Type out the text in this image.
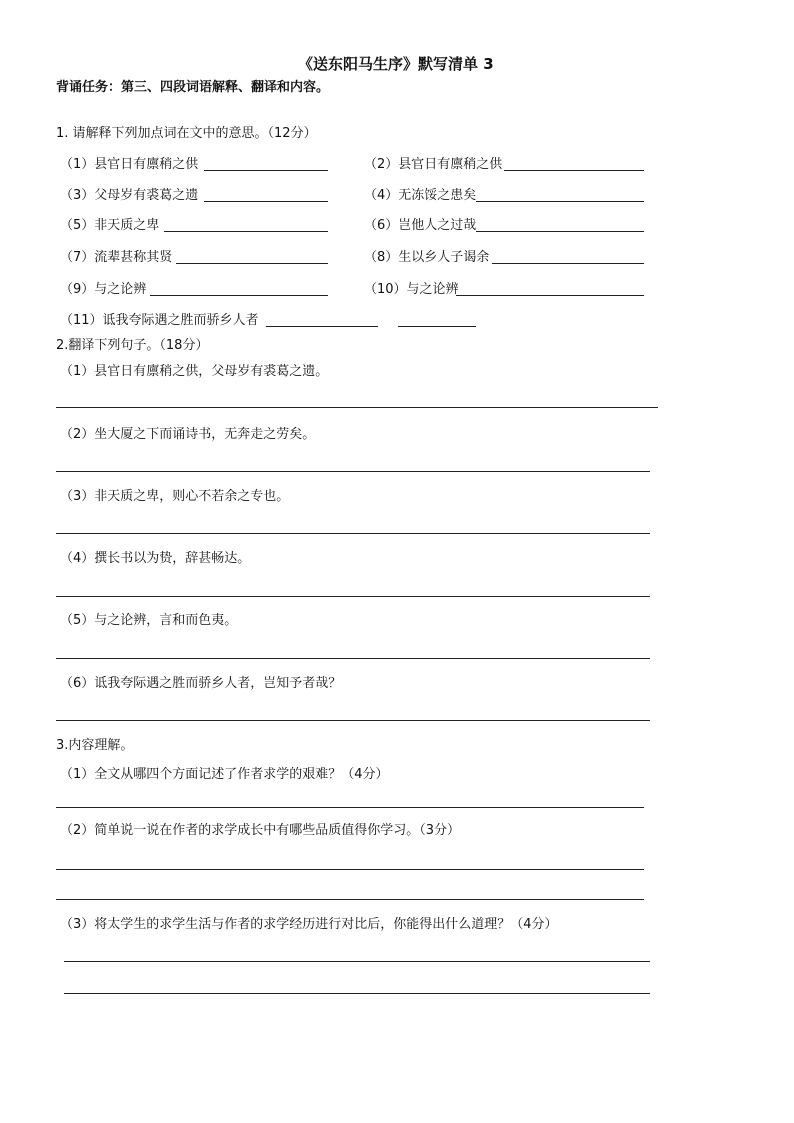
《送东阳马生序》默写清单 3
背诵任务：第三、四段词语解释、翻译和内容。
1. 请解释下列加点词在文中的意思。（12分）
（1）县官日有廪稍之供	（2）县官日有廪稍之供
（3）父母岁有裘葛之遗	（4）无冻馁之患矣
（5）非天质之卑	（6）岂他人之过哉
（7）流辈甚称其贤	（8）生以乡人子谒余
（9）与之论辨	（10）与之论辨
（11）诋我夸际遇之胜而骄乡人者
2.翻译下列句子。（18分）
（1）县官日有廪稍之供，父母岁有裘葛之遗。
（2）坐大厦之下而诵诗书，无奔走之劳矣。
（3）非天质之卑，则心不若余之专也。
（4）撰长书以为贽，辞甚畅达。
（5）与之论辨，言和而色夷。
（6）诋我夸际遇之胜而骄乡人者，岂知予者哉？
3.内容理解。
（1）全文从哪四个方面记述了作者求学的艰难？（4分）
（2）简单说一说在作者的求学成长中有哪些品质值得你学习。（3分）
（3）将太学生的求学生活与作者的求学经历进行对比后，你能得出什么道理？（4分）
